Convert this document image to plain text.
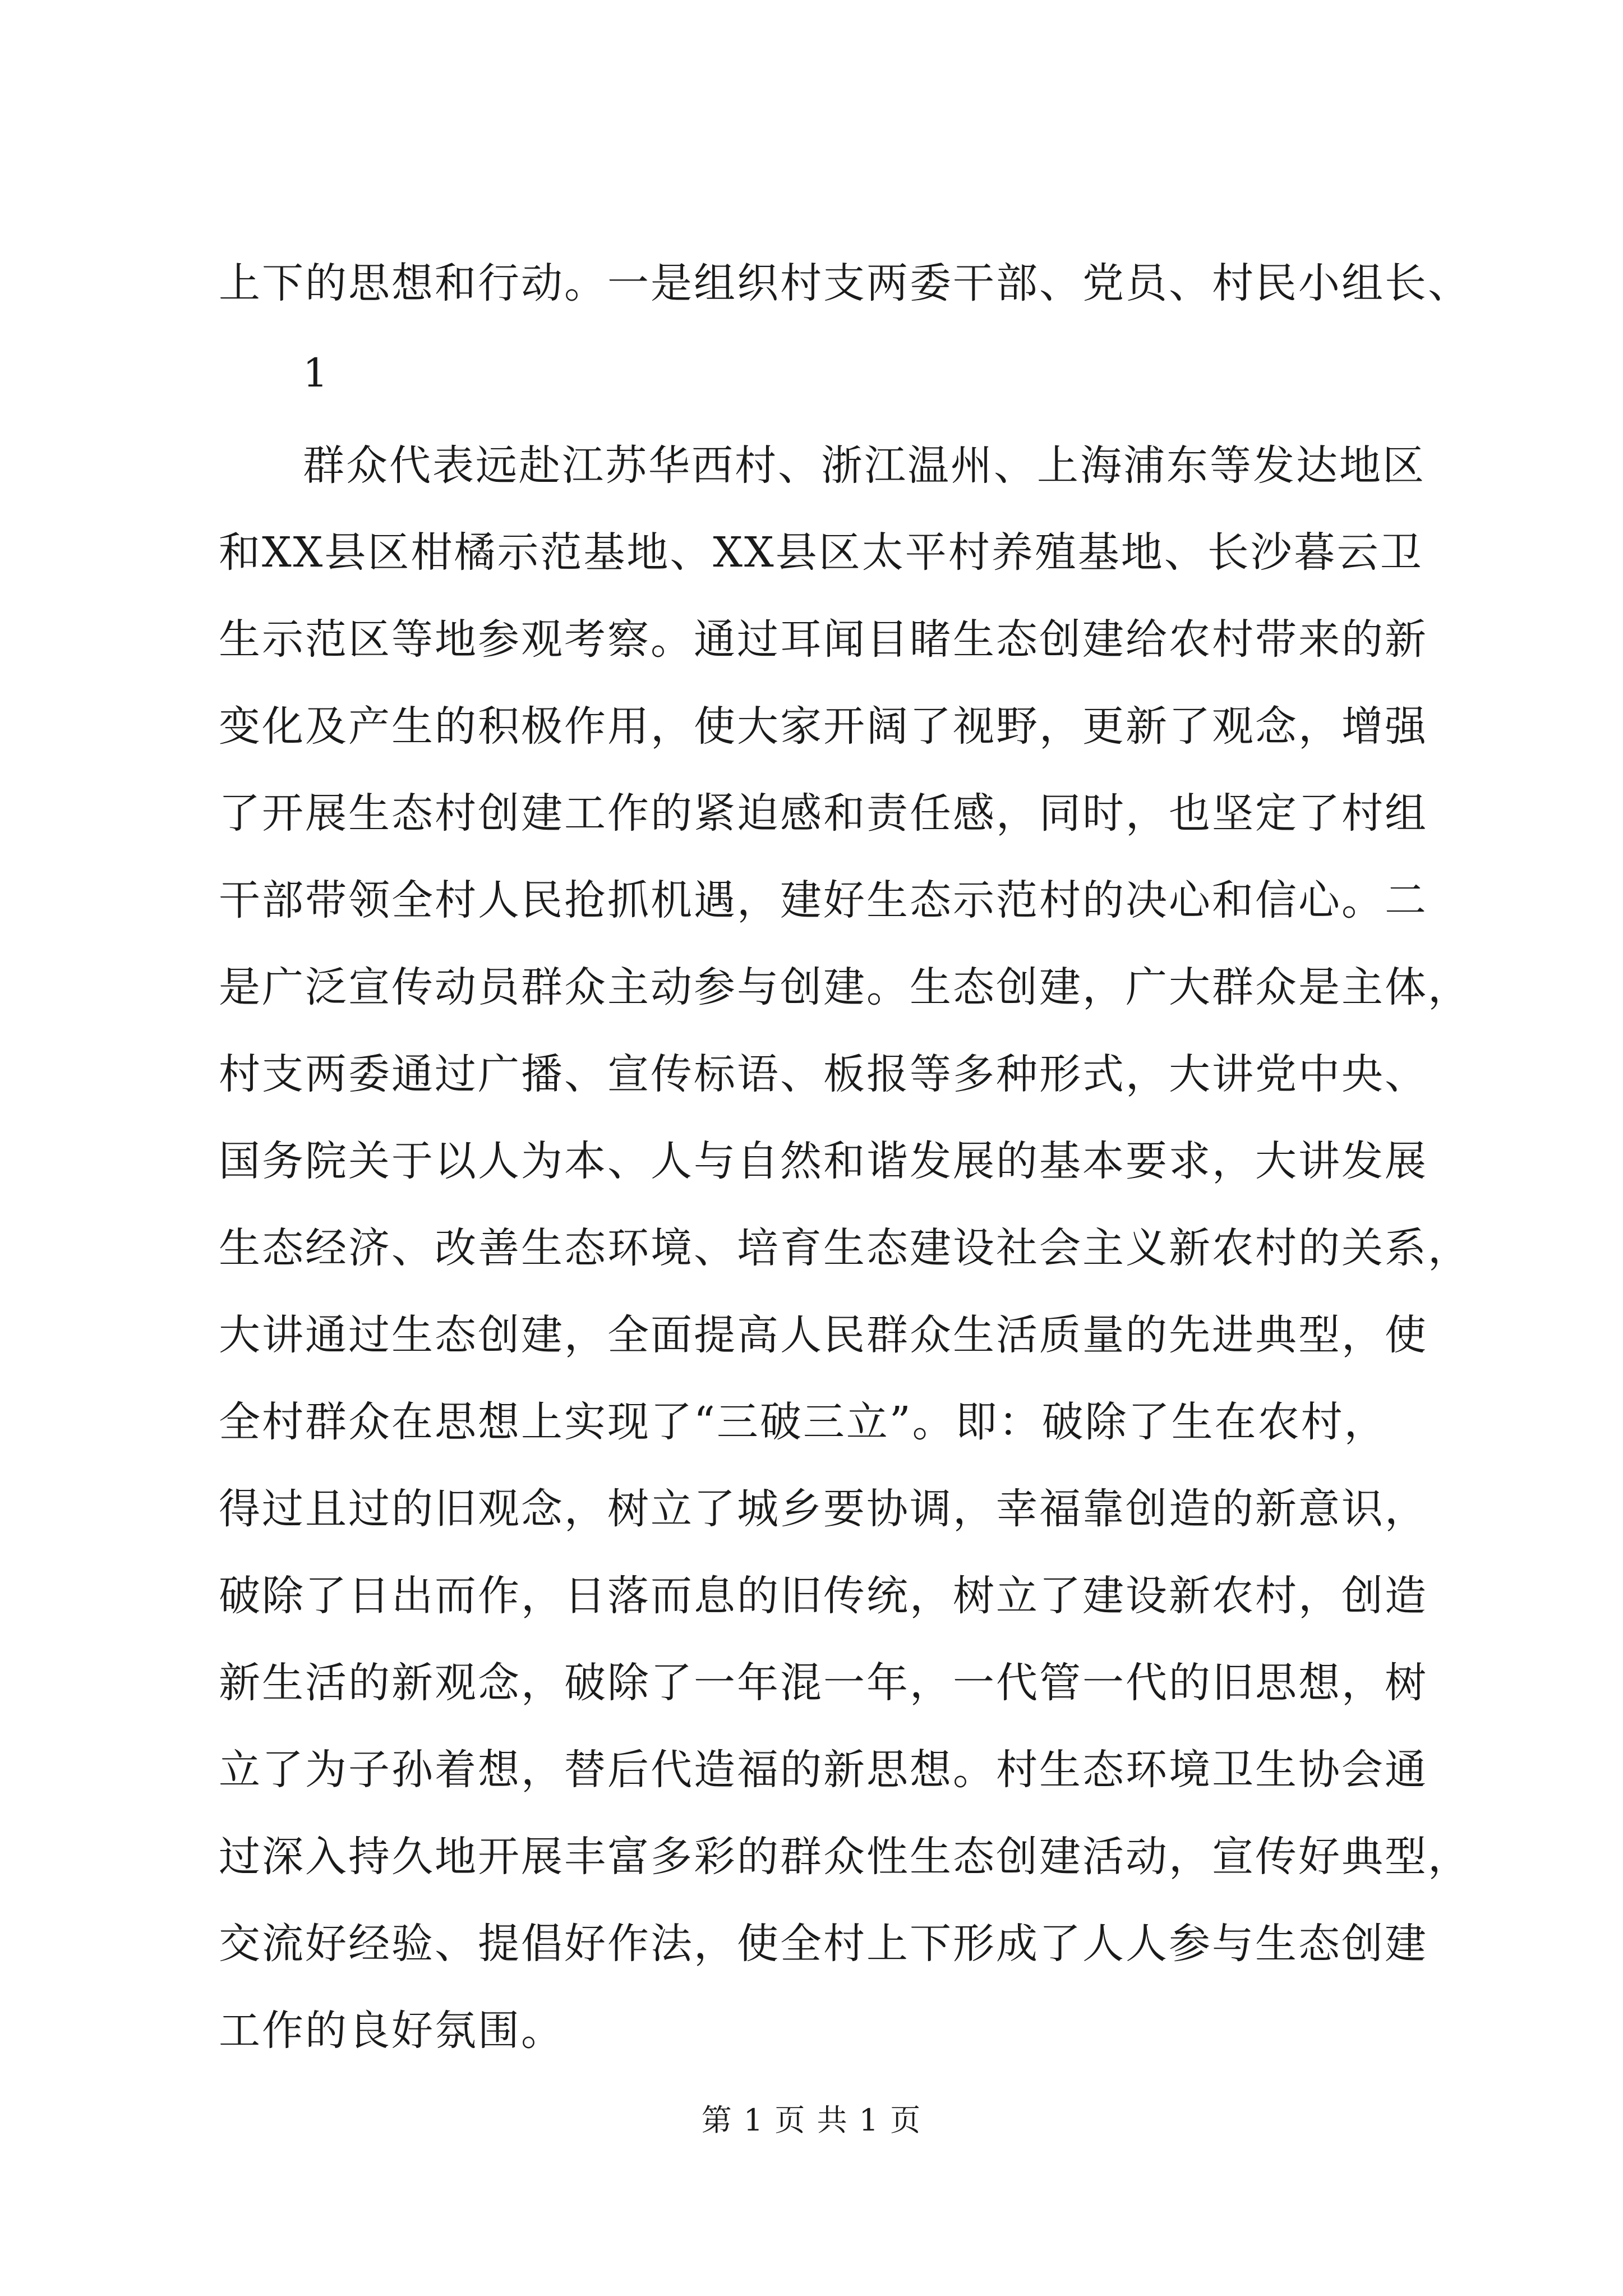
上下的思想和行动。一是组织村支两委干部、党员、村民小组长、
1
群众代表远赴江苏华西村、浙江温州、上海浦东等发达地区
和XX县区柑橘示范基地、XX县区太平村养殖基地、长沙暮云卫
生示范区等地参观考察。通过耳闻目睹生态创建给农村带来的新
变化及产生的积极作用，使大家开阔了视野，更新了观念，增强
了开展生态村创建工作的紧迫感和责任感，同时，也坚定了村组
干部带领全村人民抢抓机遇，建好生态示范村的决心和信心。二
是广泛宣传动员群众主动参与创建。生态创建，广大群众是主体，
村支两委通过广播、宣传标语、板报等多种形式，大讲党中央、
国务院关于以人为本、人与自然和谐发展的基本要求，大讲发展
生态经济、改善生态环境、培育生态建设社会主义新农村的关系，
大讲通过生态创建，全面提高人民群众生活质量的先进典型，使
全村群众在思想上实现了“三破三立”。即：破除了生在农村，
得过且过的旧观念，树立了城乡要协调，幸福靠创造的新意识，
破除了日出而作，日落而息的旧传统，树立了建设新农村，创造
新生活的新观念，破除了一年混一年，一代管一代的旧思想，树
立了为子孙着想，替后代造福的新思想。村生态环境卫生协会通
过深入持久地开展丰富多彩的群众性生态创建活动，宣传好典型，
交流好经验、提倡好作法，使全村上下形成了人人参与生态创建
工作的良好氛围。
第 1 页 共 1 页
